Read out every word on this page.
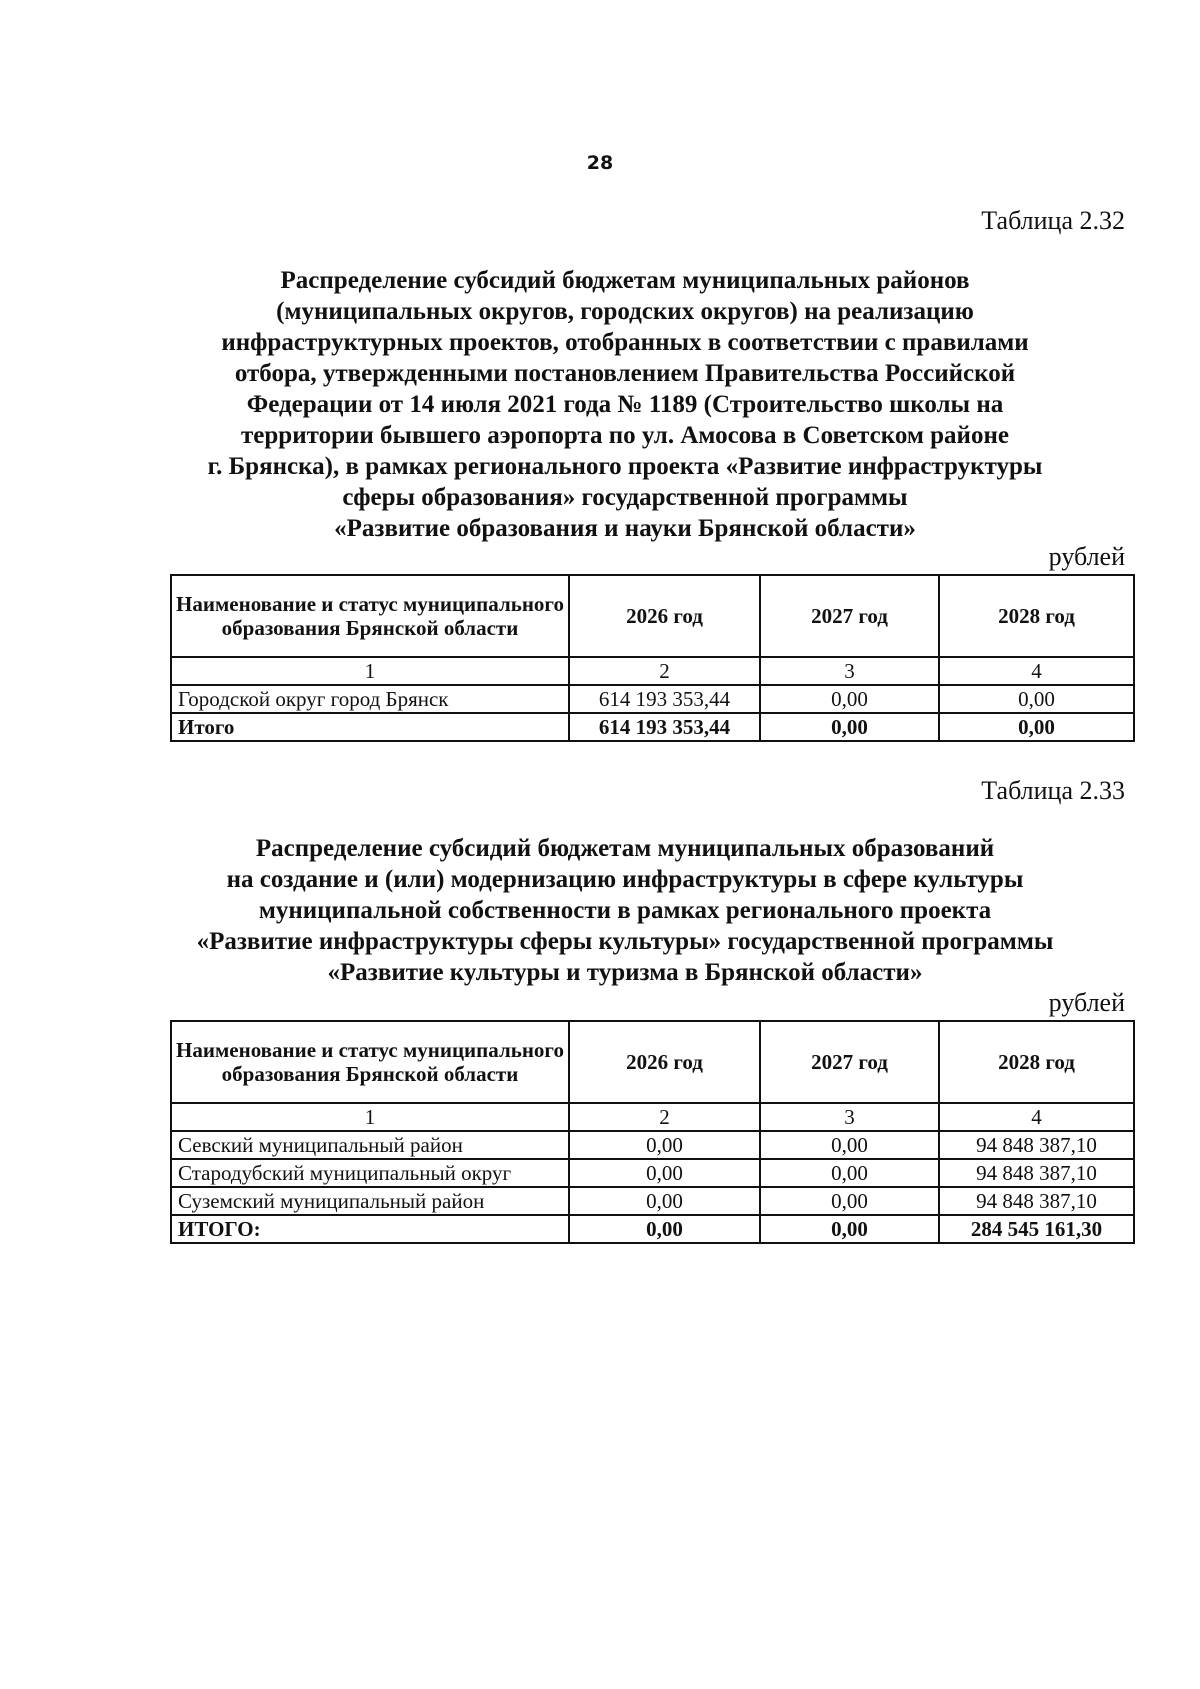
28
Таблица 2.32
Распределение субсидий бюджетам муниципальных районов
(муниципальных округов, городских округов) на реализацию
инфраструктурных проектов, отобранных в соответствии с правилами
отбора, утвержденными постановлением Правительства Российской
Федерации от 14 июля 2021 года № 1189 (Строительство школы на
территории бывшего аэропорта по ул. Амосова в Советском районе
г. Брянска), в рамках регионального проекта «Развитие инфраструктуры
сферы образования» государственной программы
«Развитие образования и науки Брянской области»
рублей
Наименование и статус муниципального образования Брянской области	2026 год	2027 год	2028 год
1	2	3	4
Городской округ город Брянск	614 193 353,44	0,00	0,00
Итого	614 193 353,44	0,00	0,00
Таблица 2.33
Распределение субсидий бюджетам муниципальных образований
на создание и (или) модернизацию инфраструктуры в сфере культуры
муниципальной собственности в рамках регионального проекта
«Развитие инфраструктуры сферы культуры» государственной программы
«Развитие культуры и туризма в Брянской области»
рублей
Наименование и статус муниципального образования Брянской области	2026 год	2027 год	2028 год
1	2	3	4
Севский муниципальный район	0,00	0,00	94 848 387,10
Стародубский муниципальный округ	0,00	0,00	94 848 387,10
Суземский муниципальный район	0,00	0,00	94 848 387,10
ИТОГО:	0,00	0,00	284 545 161,30
